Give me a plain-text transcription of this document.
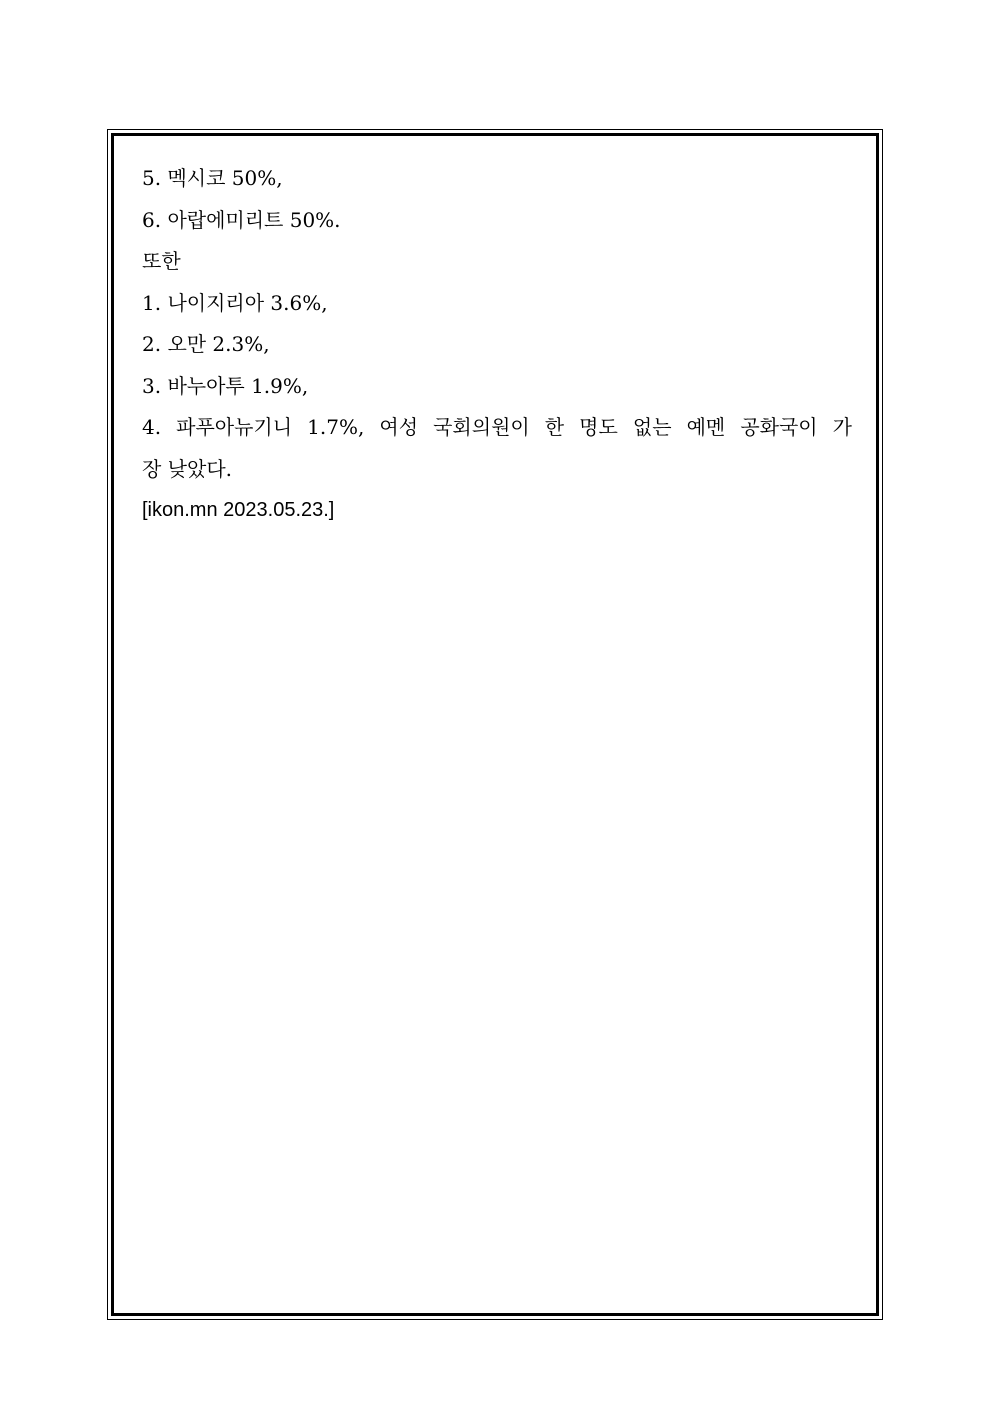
5. 멕시코 50%,

6. 아랍에미리트 50%.

또한

1. 나이지리아 3.6%,

2. 오만 2.3%,

3. 바누아투 1.9%,

4. 파푸아뉴기니 1.7%, 여성 국회의원이 한 명도 없는 예멘 공화국이 가

장 낮았다.

[ikon.mn 2023.05.23.]
